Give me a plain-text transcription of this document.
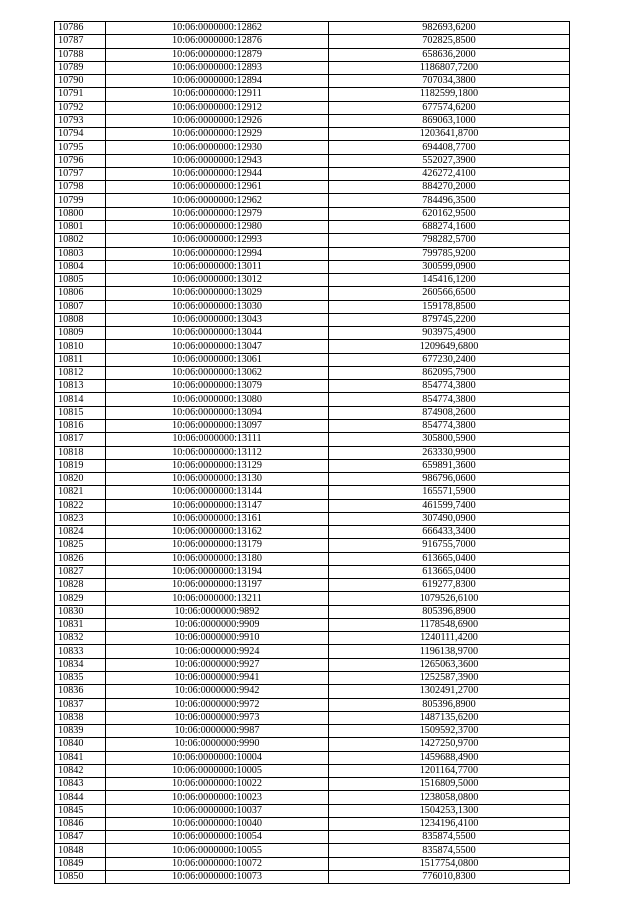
10786	10:06:0000000:12862	982693,6200
10787	10:06:0000000:12876	702825,8500
10788	10:06:0000000:12879	658636,2000
10789	10:06:0000000:12893	1186807,7200
10790	10:06:0000000:12894	707034,3800
10791	10:06:0000000:12911	1182599,1800
10792	10:06:0000000:12912	677574,6200
10793	10:06:0000000:12926	869063,1000
10794	10:06:0000000:12929	1203641,8700
10795	10:06:0000000:12930	694408,7700
10796	10:06:0000000:12943	552027,3900
10797	10:06:0000000:12944	426272,4100
10798	10:06:0000000:12961	884270,2000
10799	10:06:0000000:12962	784496,3500
10800	10:06:0000000:12979	620162,9500
10801	10:06:0000000:12980	688274,1600
10802	10:06:0000000:12993	798282,5700
10803	10:06:0000000:12994	799785,9200
10804	10:06:0000000:13011	300599,0900
10805	10:06:0000000:13012	145416,1200
10806	10:06:0000000:13029	260566,6500
10807	10:06:0000000:13030	159178,8500
10808	10:06:0000000:13043	879745,2200
10809	10:06:0000000:13044	903975,4900
10810	10:06:0000000:13047	1209649,6800
10811	10:06:0000000:13061	677230,2400
10812	10:06:0000000:13062	862095,7900
10813	10:06:0000000:13079	854774,3800
10814	10:06:0000000:13080	854774,3800
10815	10:06:0000000:13094	874908,2600
10816	10:06:0000000:13097	854774,3800
10817	10:06:0000000:13111	305800,5900
10818	10:06:0000000:13112	263330,9900
10819	10:06:0000000:13129	659891,3600
10820	10:06:0000000:13130	986796,0600
10821	10:06:0000000:13144	165571,5900
10822	10:06:0000000:13147	461599,7400
10823	10:06:0000000:13161	307490,0900
10824	10:06:0000000:13162	666433,3400
10825	10:06:0000000:13179	916755,7000
10826	10:06:0000000:13180	613665,0400
10827	10:06:0000000:13194	613665,0400
10828	10:06:0000000:13197	619277,8300
10829	10:06:0000000:13211	1079526,6100
10830	10:06:0000000:9892	805396,8900
10831	10:06:0000000:9909	1178548,6900
10832	10:06:0000000:9910	1240111,4200
10833	10:06:0000000:9924	1196138,9700
10834	10:06:0000000:9927	1265063,3600
10835	10:06:0000000:9941	1252587,3900
10836	10:06:0000000:9942	1302491,2700
10837	10:06:0000000:9972	805396,8900
10838	10:06:0000000:9973	1487135,6200
10839	10:06:0000000:9987	1509592,3700
10840	10:06:0000000:9990	1427250,9700
10841	10:06:0000000:10004	1459688,4900
10842	10:06:0000000:10005	1201164,7700
10843	10:06:0000000:10022	1516809,5000
10844	10:06:0000000:10023	1238058,0800
10845	10:06:0000000:10037	1504253,1300
10846	10:06:0000000:10040	1234196,4100
10847	10:06:0000000:10054	835874,5500
10848	10:06:0000000:10055	835874,5500
10849	10:06:0000000:10072	1517754,0800
10850	10:06:0000000:10073	776010,8300
